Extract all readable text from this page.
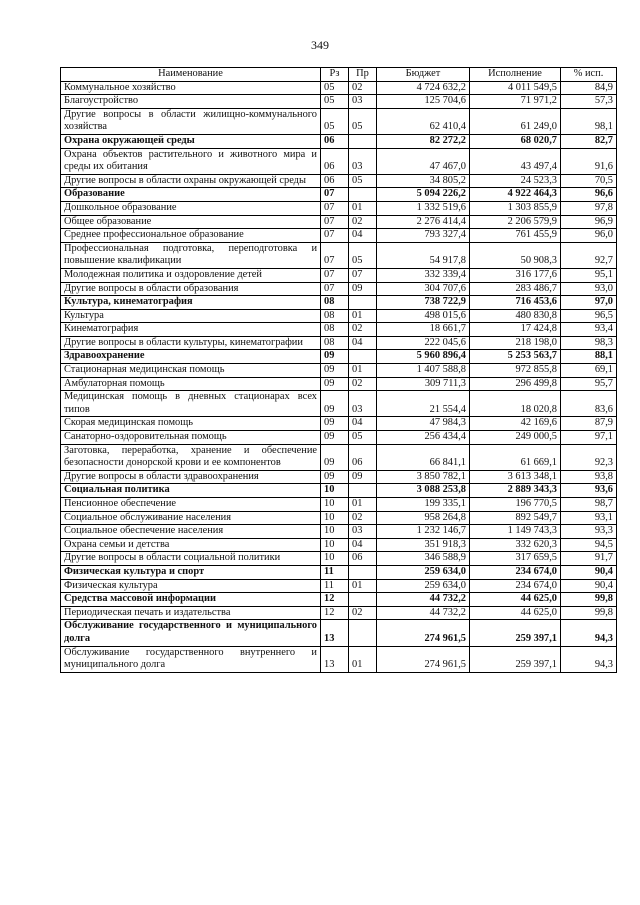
349
Наименование	Рз	Пр	Бюджет	Исполнение	% исп.
Коммунальное хозяйство	05	02	4 724 632,2	4 011 549,5	84,9
Благоустройство	05	03	125 704,6	71 971,2	57,3
Другие вопросы в области жилищно-коммунального хозяйства	05	05	62 410,4	61 249,0	98,1
Охрана окружающей среды	06		82 272,2	68 020,7	82,7
Охрана объектов растительного и животного мира и среды их обитания	06	03	47 467,0	43 497,4	91,6
Другие вопросы в области охраны окружающей среды	06	05	34 805,2	24 523,3	70,5
Образование	07		5 094 226,2	4 922 464,3	96,6
Дошкольное образование	07	01	1 332 519,6	1 303 855,9	97,8
Общее образование	07	02	2 276 414,4	2 206 579,9	96,9
Среднее профессиональное образование	07	04	793 327,4	761 455,9	96,0
Профессиональная подготовка, переподготовка и повышение квалификации	07	05	54 917,8	50 908,3	92,7
Молодежная политика и оздоровление детей	07	07	332 339,4	316 177,6	95,1
Другие вопросы в области образования	07	09	304 707,6	283 486,7	93,0
Культура, кинематография	08		738 722,9	716 453,6	97,0
Культура	08	01	498 015,6	480 830,8	96,5
Кинематография	08	02	18 661,7	17 424,8	93,4
Другие вопросы в области культуры, кинематографии	08	04	222 045,6	218 198,0	98,3
Здравоохранение	09		5 960 896,4	5 253 563,7	88,1
Стационарная медицинская помощь	09	01	1 407 588,8	972 855,8	69,1
Амбулаторная помощь	09	02	309 711,3	296 499,8	95,7
Медицинская помощь в дневных стационарах всех типов	09	03	21 554,4	18 020,8	83,6
Скорая медицинская помощь	09	04	47 984,3	42 169,6	87,9
Санаторно-оздоровительная помощь	09	05	256 434,4	249 000,5	97,1
Заготовка, переработка, хранение и обеспечение безопасности донорской крови и ее компонентов	09	06	66 841,1	61 669,1	92,3
Другие вопросы в области здравоохранения	09	09	3 850 782,1	3 613 348,1	93,8
Социальная политика	10		3 088 253,8	2 889 343,3	93,6
Пенсионное обеспечение	10	01	199 335,1	196 770,5	98,7
Социальное обслуживание населения	10	02	958 264,8	892 549,7	93,1
Социальное обеспечение населения	10	03	1 232 146,7	1 149 743,3	93,3
Охрана семьи и детства	10	04	351 918,3	332 620,3	94,5
Другие вопросы в области социальной политики	10	06	346 588,9	317 659,5	91,7
Физическая культура и спорт	11		259 634,0	234 674,0	90,4
Физическая культура	11	01	259 634,0	234 674,0	90,4
Средства массовой информации	12		44 732,2	44 625,0	99,8
Периодическая печать и издательства	12	02	44 732,2	44 625,0	99,8
Обслуживание государственного и муниципального долга	13		274 961,5	259 397,1	94,3
Обслуживание государственного внутреннего и муниципального долга	13	01	274 961,5	259 397,1	94,3
